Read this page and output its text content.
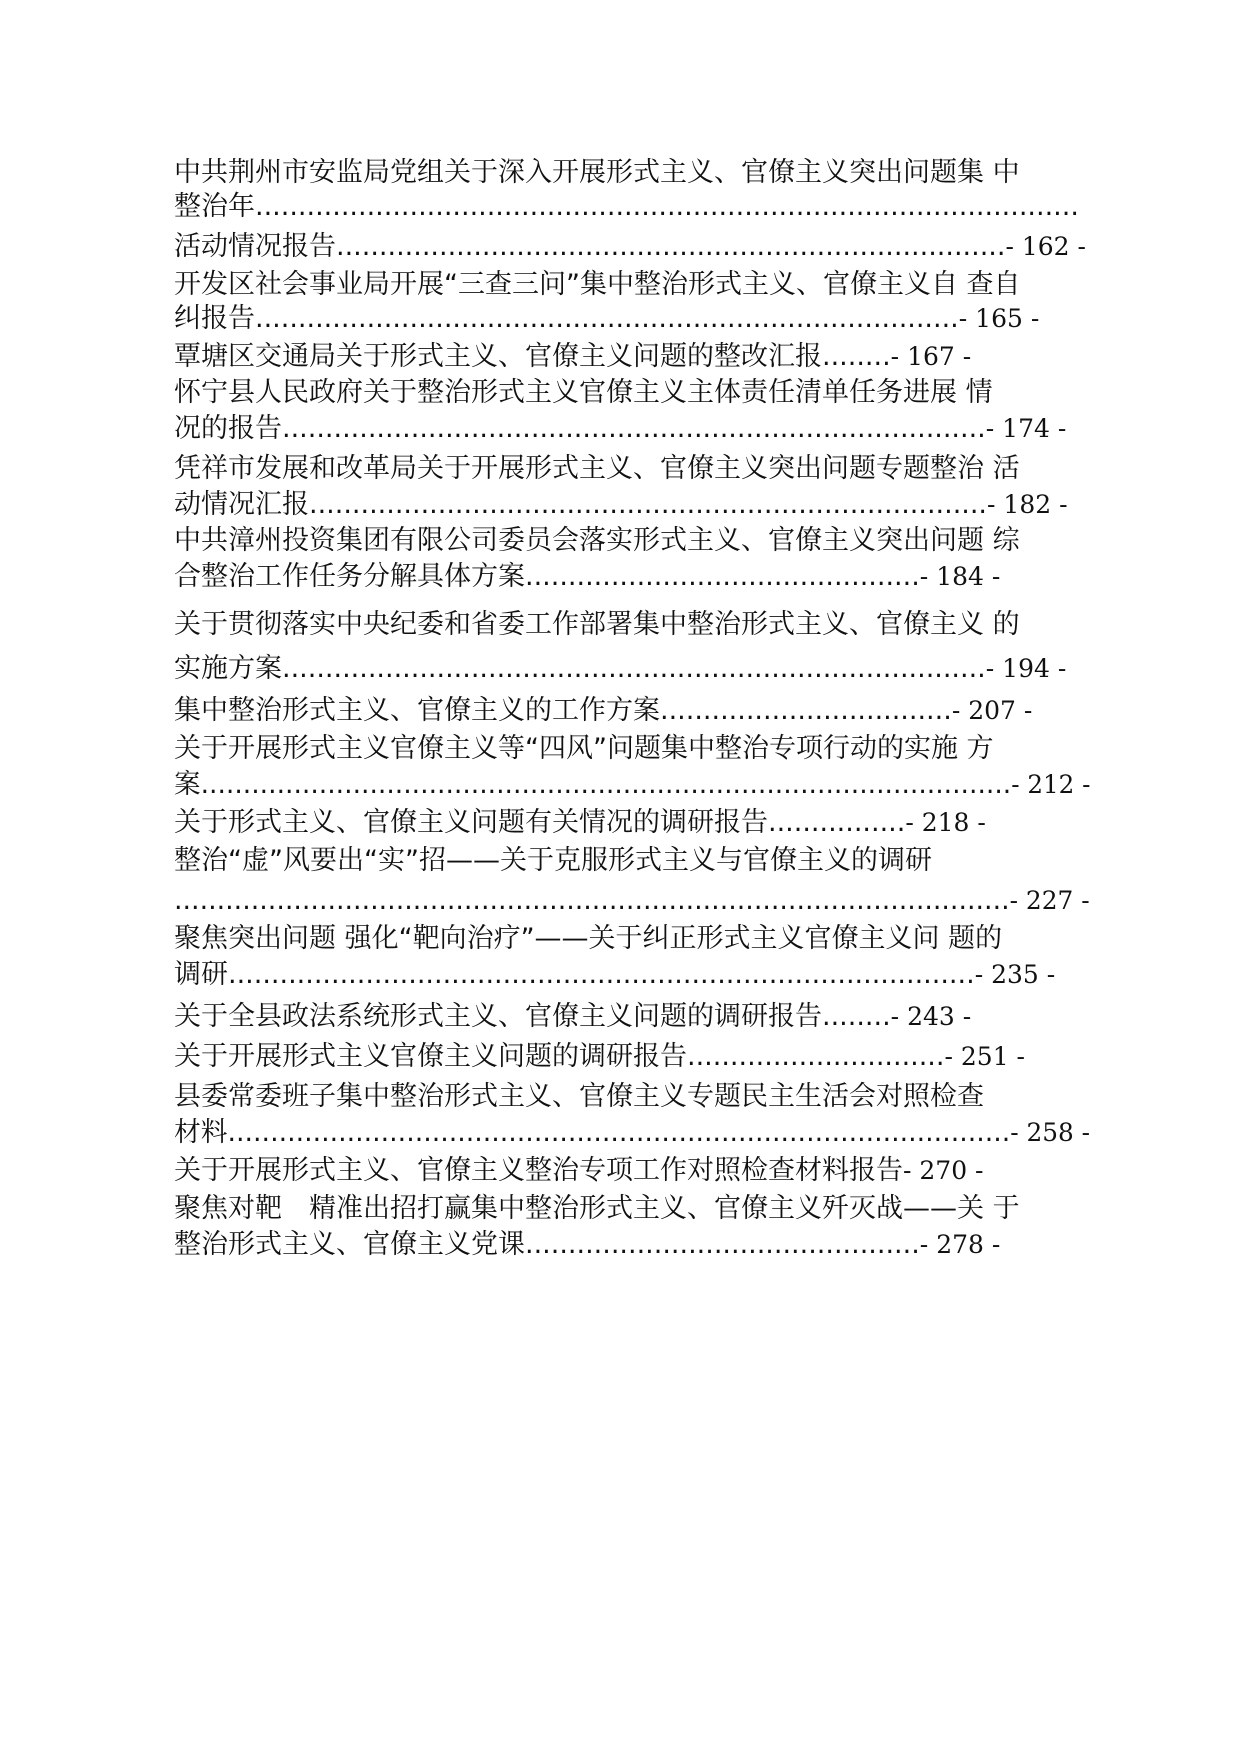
中共荆州市安监局党组关于深入开展形式主义、官僚主义突出问题集 中
整治年................................................................................................
活动情况报告..............................................................................- 162 -
开发区社会事业局开展“三查三问”集中整治形式主义、官僚主义自 查自
纠报告..................................................................................- 165 -
覃塘区交通局关于形式主义、官僚主义问题的整改汇报........- 167 -
怀宁县人民政府关于整治形式主义官僚主义主体责任清单任务进展 情
况的报告..................................................................................- 174 -
凭祥市发展和改革局关于开展形式主义、官僚主义突出问题专题整治 活
动情况汇报...............................................................................- 182 -
中共漳州投资集团有限公司委员会落实形式主义、官僚主义突出问题 综
合整治工作任务分解具体方案..............................................- 184 -
关于贯彻落实中央纪委和省委工作部署集中整治形式主义、官僚主义 的
实施方案..................................................................................- 194 -
集中整治形式主义、官僚主义的工作方案..................................- 207 -
关于开展形式主义官僚主义等“四风”问题集中整治专项行动的实施 方
案................................................................................................- 212 -
关于形式主义、官僚主义问题有关情况的调研报告................- 218 -
整治“虚”风要出“实”招——关于克服形式主义与官僚主义的调研
..................................................................................................- 227 -
聚焦突出问题 强化“靶向治疗”——关于纠正形式主义官僚主义问 题的
调研.......................................................................................- 235 -
关于全县政法系统形式主义、官僚主义问题的调研报告........- 243 -
关于开展形式主义官僚主义问题的调研报告..............................- 251 -
县委常委班子集中整治形式主义、官僚主义专题民主生活会对照检查
材料............................................................................................- 258 -
关于开展形式主义、官僚主义整治专项工作对照检查材料报告- 270 -
聚焦对靶　精准出招打赢集中整治形式主义、官僚主义歼灭战——关 于
整治形式主义、官僚主义党课..............................................- 278 -
